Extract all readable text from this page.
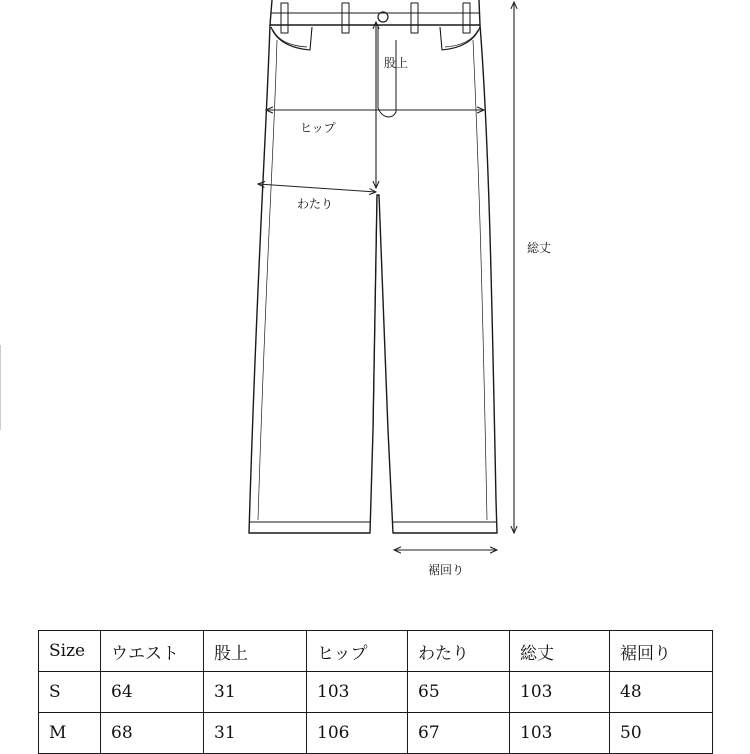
股上
ヒップ
わたり
総丈
裾回り
Size	ウエスト	股上	ヒップ	わたり	総丈	裾回り
S	64	31	103	65	103	48
M	68	31	106	67	103	50
